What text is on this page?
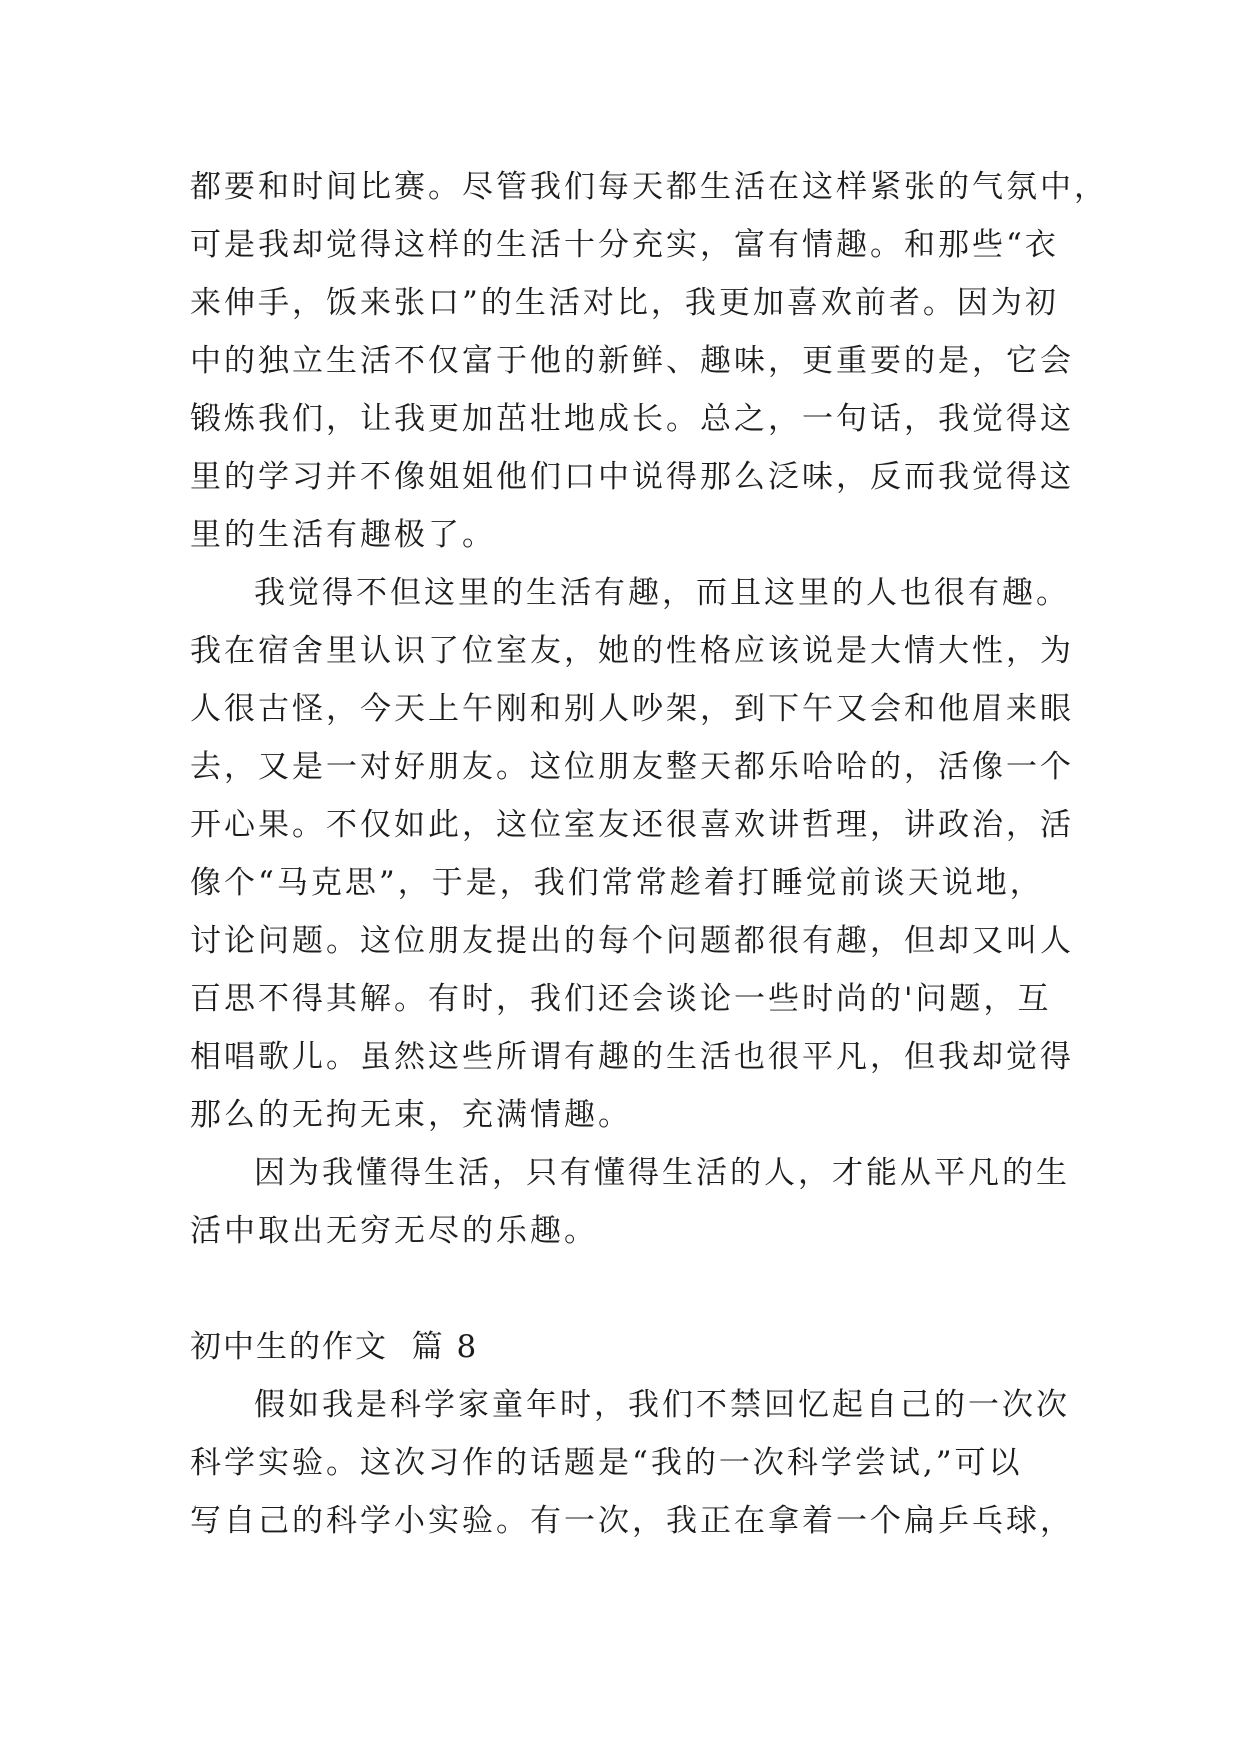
都要和时间比赛。尽管我们每天都生活在这样紧张的气氛中，
可是我却觉得这样的生活十分充实，富有情趣。和那些“衣
来伸手，饭来张口”的生活对比，我更加喜欢前者。因为初
中的独立生活不仅富于他的新鲜、趣味，更重要的是，它会
锻炼我们，让我更加茁壮地成长。总之，一句话，我觉得这
里的学习并不像姐姐他们口中说得那么泛味，反而我觉得这
里的生活有趣极了。
我觉得不但这里的生活有趣，而且这里的人也很有趣。
我在宿舍里认识了位室友，她的性格应该说是大情大性，为
人很古怪，今天上午刚和别人吵架，到下午又会和他眉来眼
去，又是一对好朋友。这位朋友整天都乐哈哈的，活像一个
开心果。不仅如此，这位室友还很喜欢讲哲理，讲政治，活
像个“马克思”，于是，我们常常趁着打睡觉前谈天说地，
讨论问题。这位朋友提出的每个问题都很有趣，但却又叫人
百思不得其解。有时，我们还会谈论一些时尚的'问题，互
相唱歌儿。虽然这些所谓有趣的生活也很平凡，但我却觉得
那么的无拘无束，充满情趣。
因为我懂得生活，只有懂得生活的人，才能从平凡的生
活中取出无穷无尽的乐趣。
初中生的作文  篇 8
假如我是科学家童年时，我们不禁回忆起自己的一次次
科学实验。这次习作的话题是“我的一次科学尝试,”可以
写自己的科学小实验。有一次，我正在拿着一个扁乒乓球，
